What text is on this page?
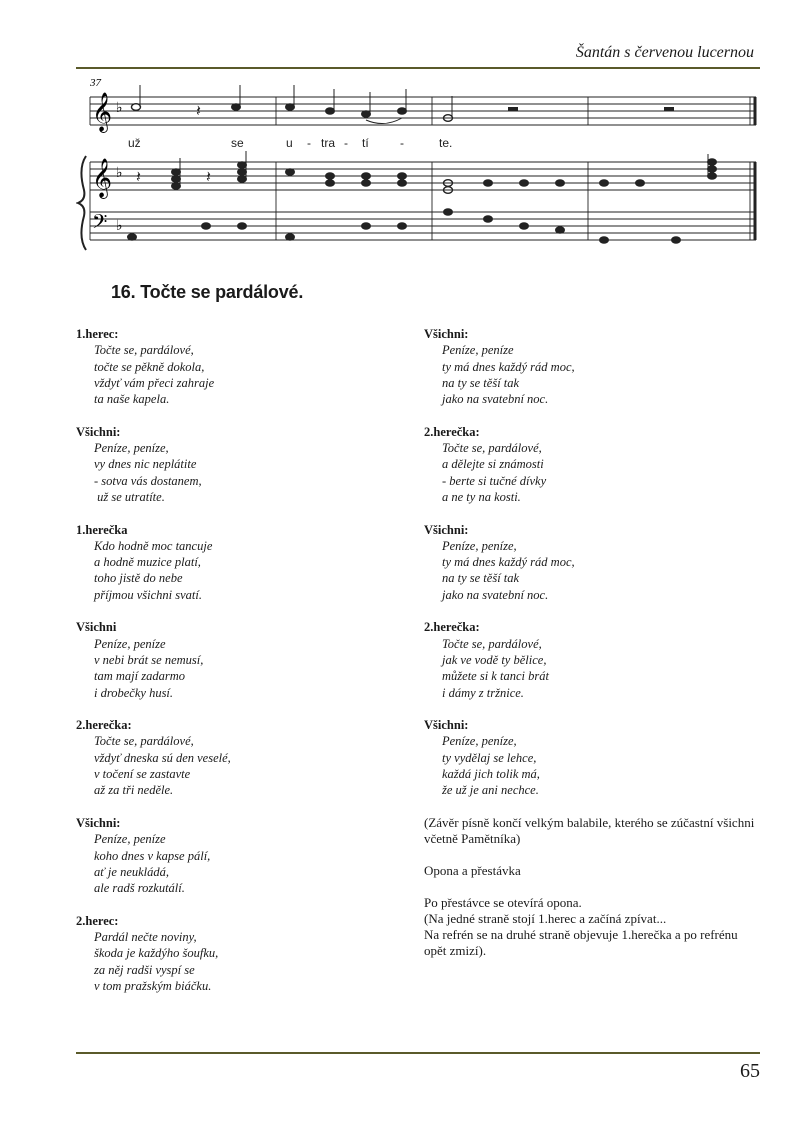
Šantán s červenou lucernou
37
𝄞 ♭	𝄽
už	se	u - tra - tí	-	te.
𝄞 ♭
𝄢 ♭
𝄽	𝄽
16. Točte se pardálové.
1.herec:
Točte se, pardálové,
točte se pěkně dokola,
vždyť vám přeci zahraje
ta naše kapela.
Všichni:
Peníze, peníze,
vy dnes nic neplátite
- sotva vás dostanem,
už se utratíte.
1.herečka
Kdo hodně moc tancuje
a hodně muzice platí,
toho jistě do nebe
příjmou všichni svatí.
Všichni
Peníze, peníze
v nebi brát se nemusí,
tam mají zadarmo
i drobečky husí.
2.herečka:
Točte se, pardálové,
vždyť dneska sú den veselé,
v točení se zastavte
až za tři neděle.
Všichni:
Peníze, peníze
koho dnes v kapse pálí,
ať je neukládá,
ale radš rozkutálí.
2.herec:
Pardál nečte noviny,
škoda je každýho šoufku,
za něj radši vyspí se
v tom pražským biáčku.
Všichni:
Peníze, peníze
ty má dnes každý rád moc,
na ty se těší tak
jako na svatební noc.
2.herečka:
Točte se, pardálové,
a dělejte si známosti
- berte si tučné dívky
a ne ty na kosti.
Všichni:
Peníze, peníze,
ty má dnes každý rád moc,
na ty se těší tak
jako na svatební noc.
2.herečka:
Točte se, pardálové,
jak ve vodě ty bělice,
můžete si k tanci brát
i dámy z tržnice.
Všichni:
Peníze, peníze,
ty vydělaj se lehce,
každá jich tolik má,
že už je ani nechce.
(Závěr písně končí velkým balabile, kterého se zúčastní všichni
včetně Pamětníka)
Opona a přestávka
Po přestávce se otevírá opona.
(Na jedné straně stojí 1.herec a začíná zpívat...
Na refrén se na druhé straně objevuje 1.herečka a po refrénu
opět zmizí).
65
